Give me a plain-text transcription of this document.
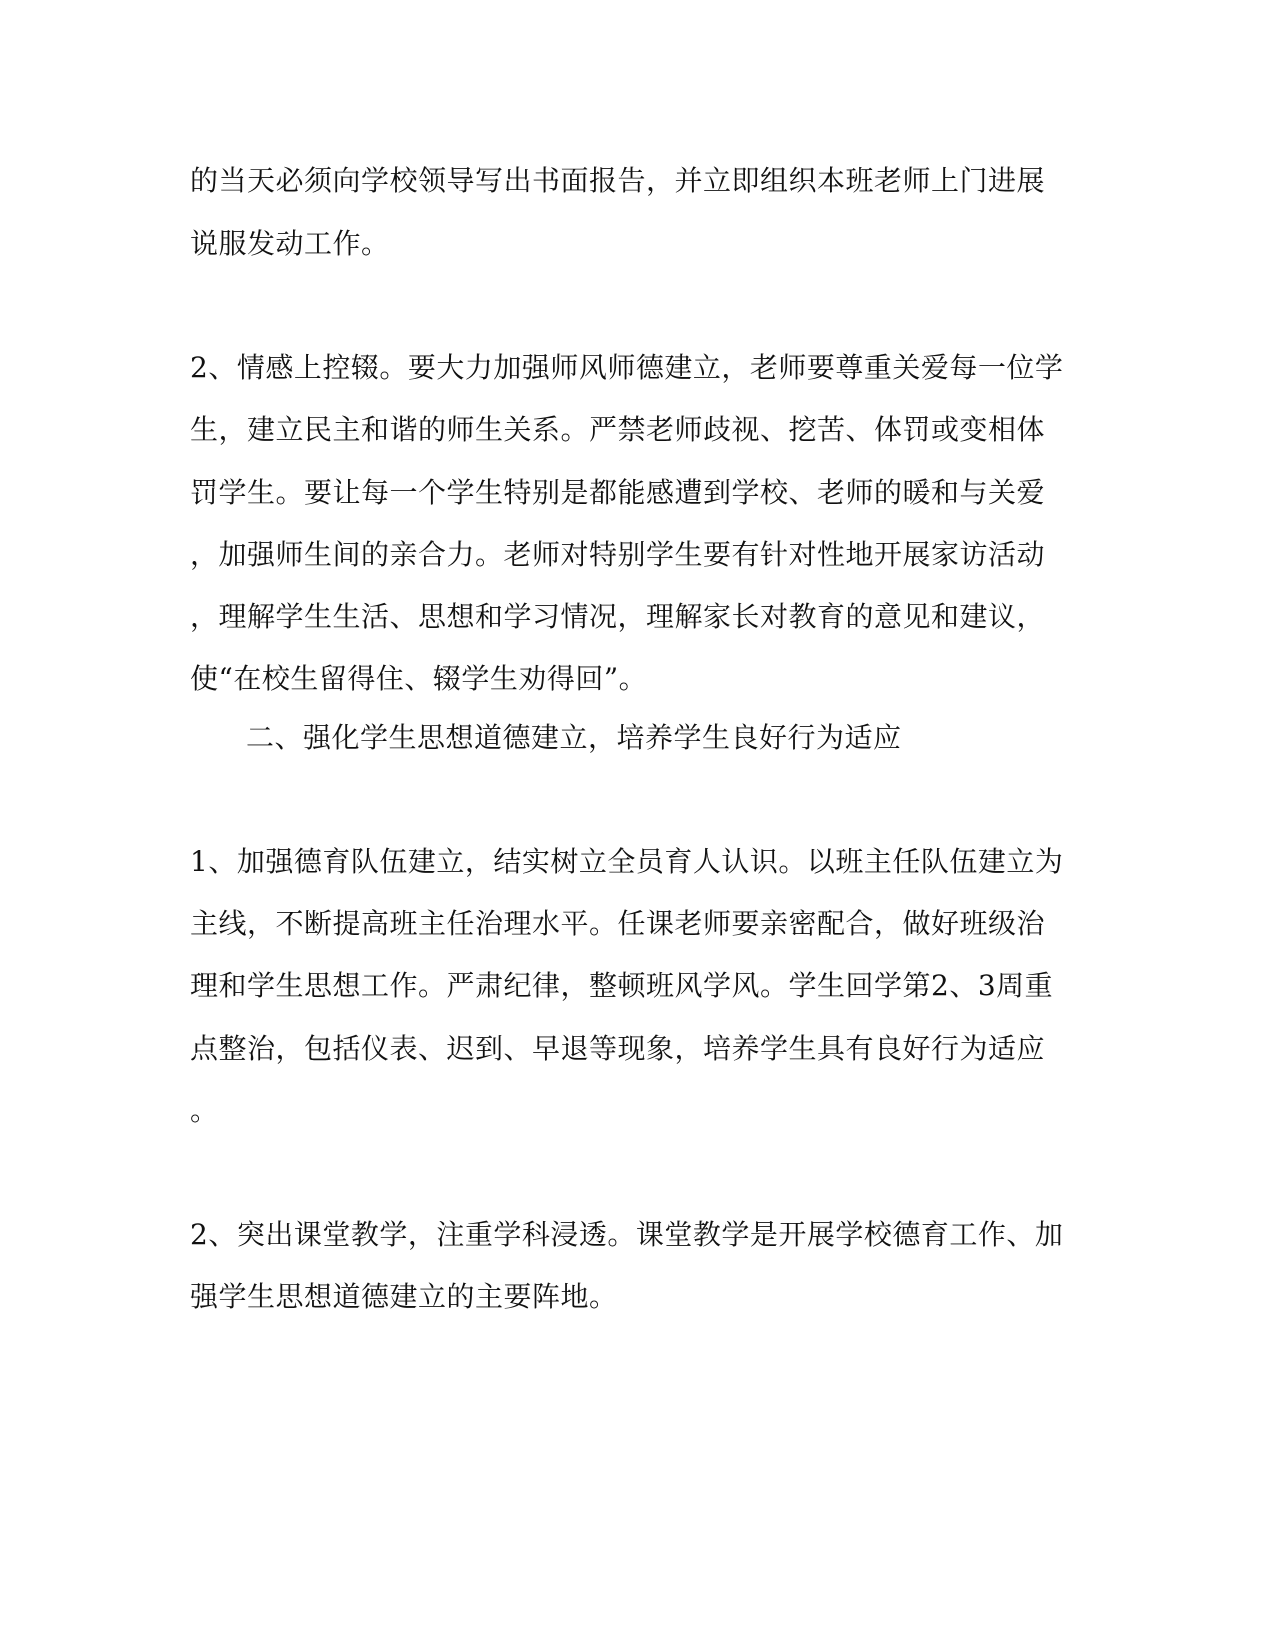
的当天必须向学校领导写出书面报告，并立即组织本班老师上门进展
说服发动工作。
2、情感上控辍。要大力加强师风师德建立，老师要尊重关爱每一位学
生，建立民主和谐的师生关系。严禁老师歧视、挖苦、体罚或变相体
罚学生。要让每一个学生特别是都能感遭到学校、老师的暖和与关爱
，加强师生间的亲合力。老师对特别学生要有针对性地开展家访活动
，理解学生生活、思想和学习情况，理解家长对教育的意见和建议，
使“在校生留得住、辍学生劝得回”。
二、强化学生思想道德建立，培养学生良好行为适应
1、加强德育队伍建立，结实树立全员育人认识。以班主任队伍建立为
主线，不断提高班主任治理水平。任课老师要亲密配合，做好班级治
理和学生思想工作。严肃纪律，整顿班风学风。学生回学第2、3周重
点整治，包括仪表、迟到、早退等现象，培养学生具有良好行为适应
。
2、突出课堂教学，注重学科浸透。课堂教学是开展学校德育工作、加
强学生思想道德建立的主要阵地。
